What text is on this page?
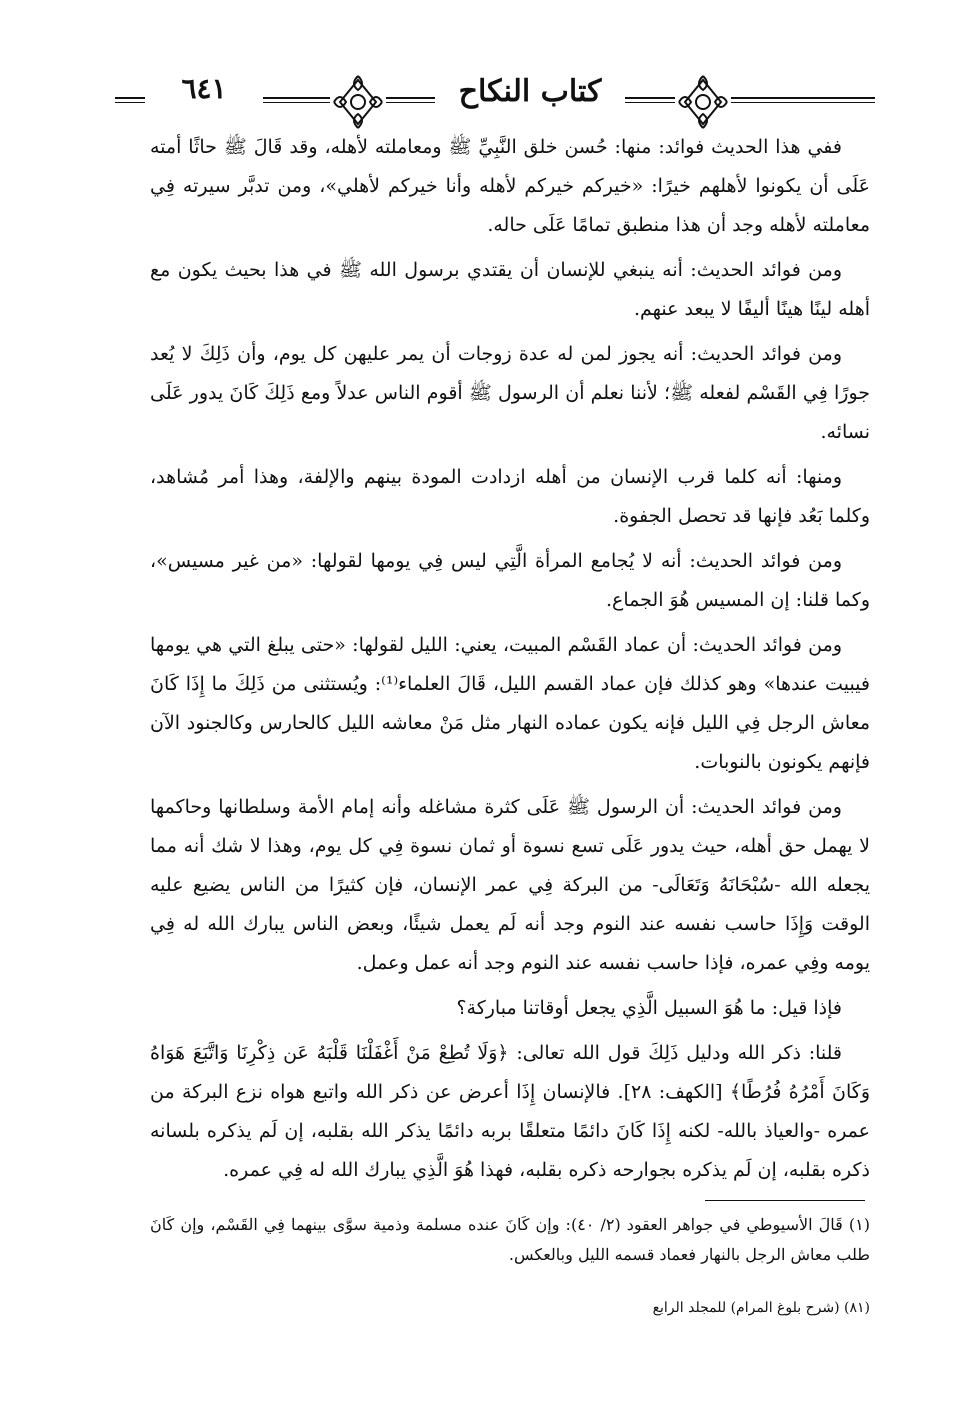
٦٤١	كتاب النكاح

ففي هذا الحديث فوائد: منها: حُسن خلق النَّبِيِّ ﷺ ومعاملته لأهله، وقد قَالَ ﷺ حاثًا أمته عَلَى أن يكونوا لأهلهم خيرًا: «خيركم خيركم لأهله وأنا خيركم لأهلي»، ومن تدبَّر سيرته فِي معاملته لأهله وجد أن هذا منطبق تمامًا عَلَى حاله.

ومن فوائد الحديث: أنه ينبغي للإنسان أن يقتدي برسول الله ﷺ في هذا بحيث يكون مع أهله لينًا هينًا أليفًا لا يبعد عنهم.

ومن فوائد الحديث: أنه يجوز لمن له عدة زوجات أن يمر عليهن كل يوم، وأن ذَلِكَ لا يُعد جورًا فِي القَسْم لفعله ﷺ؛ لأننا نعلم أن الرسول ﷺ أقوم الناس عدلاً ومع ذَلِكَ كَانَ يدور عَلَى نسائه.

ومنها: أنه كلما قرب الإنسان من أهله ازدادت المودة بينهم والإلفة، وهذا أمر مُشاهد، وكلما بَعُد فإنها قد تحصل الجفوة.

ومن فوائد الحديث: أنه لا يُجامع المرأة الَّتِي ليس فِي يومها لقولها: «من غير مسيس»، وكما قلنا: إن المسيس هُوَ الجماع.

ومن فوائد الحديث: أن عماد القَسْم المبيت، يعني: الليل لقولها: «حتى يبلغ التي هي يومها فيبيت عندها» وهو كذلك فإن عماد القسم الليل، قَالَ العلماء⁽¹⁾: ويُستثنى من ذَلِكَ ما إِذَا كَانَ معاش الرجل فِي الليل فإنه يكون عماده النهار مثل مَنْ معاشه الليل كالحارس وكالجنود الآن فإنهم يكونون بالنوبات.

ومن فوائد الحديث: أن الرسول ﷺ عَلَى كثرة مشاغله وأنه إمام الأمة وسلطانها وحاكمها لا يهمل حق أهله، حيث يدور عَلَى تسع نسوة أو ثمان نسوة فِي كل يوم، وهذا لا شك أنه مما يجعله الله -سُبْحَانَهُ وَتَعَالَى- من البركة فِي عمر الإنسان، فإن كثيرًا من الناس يضيع عليه الوقت وَإِذَا حاسب نفسه عند النوم وجد أنه لَم يعمل شيئًا، وبعض الناس يبارك الله له فِي يومه وفِي عمره، فإذا حاسب نفسه عند النوم وجد أنه عمل وعمل.

فإذا قيل: ما هُوَ السبيل الَّذِي يجعل أوقاتنا مباركة؟

قلنا: ذكر الله ودليل ذَلِكَ قول الله تعالى: ﴿وَلَا تُطِعْ مَنْ أَغْفَلْنَا قَلْبَهُ عَن ذِكْرِنَا وَاتَّبَعَ هَوَاهُ وَكَانَ أَمْرُهُ فُرُطًا﴾ [الكهف: ٢٨]. فالإنسان إِذَا أعرض عن ذكر الله واتبع هواه نزع البركة من عمره -والعياذ بالله- لكنه إِذَا كَانَ دائمًا متعلقًا بربه دائمًا يذكر الله بقلبه، إن لَم يذكره بلسانه ذكره بقلبه، إن لَم يذكره بجوارحه ذكره بقلبه، فهذا هُوَ الَّذِي يبارك الله له فِي عمره.

(١) قَالَ الأسيوطي في جواهر العقود (٢/ ٤٠): وإن كَانَ عنده مسلمة وذمية سوَّى بينهما فِي القَسْم، وإن كَانَ طلب معاش الرجل بالنهار فعماد قسمه الليل وبالعكس.
(٨١) (شرح بلوغ المرام) للمجلد الرابع
